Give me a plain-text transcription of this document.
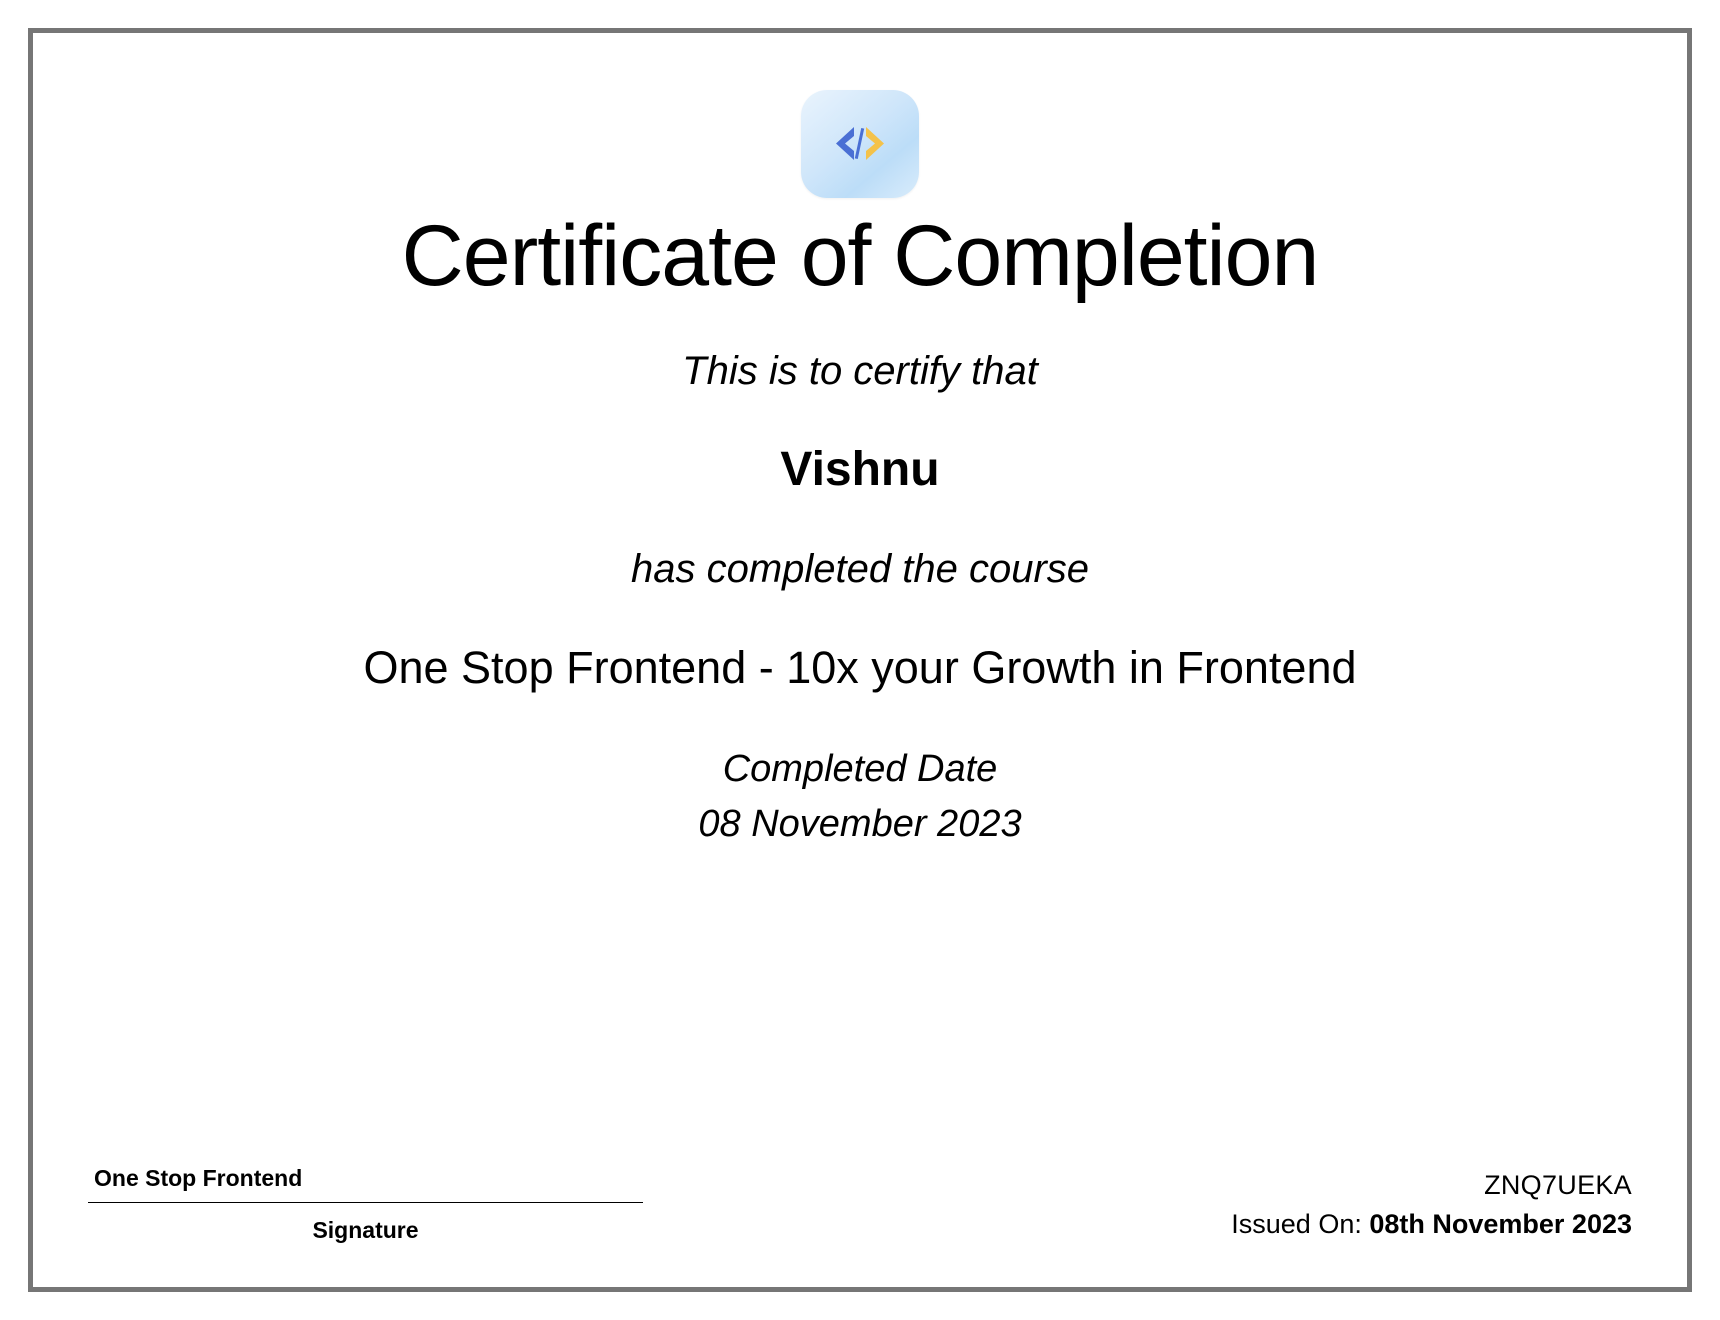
Certificate of Completion
This is to certify that
Vishnu
has completed the course
One Stop Frontend - 10x your Growth in Frontend
Completed Date
08 November 2023
One Stop Frontend
Signature
ZNQ7UEKA
Issued On: 08th November 2023
